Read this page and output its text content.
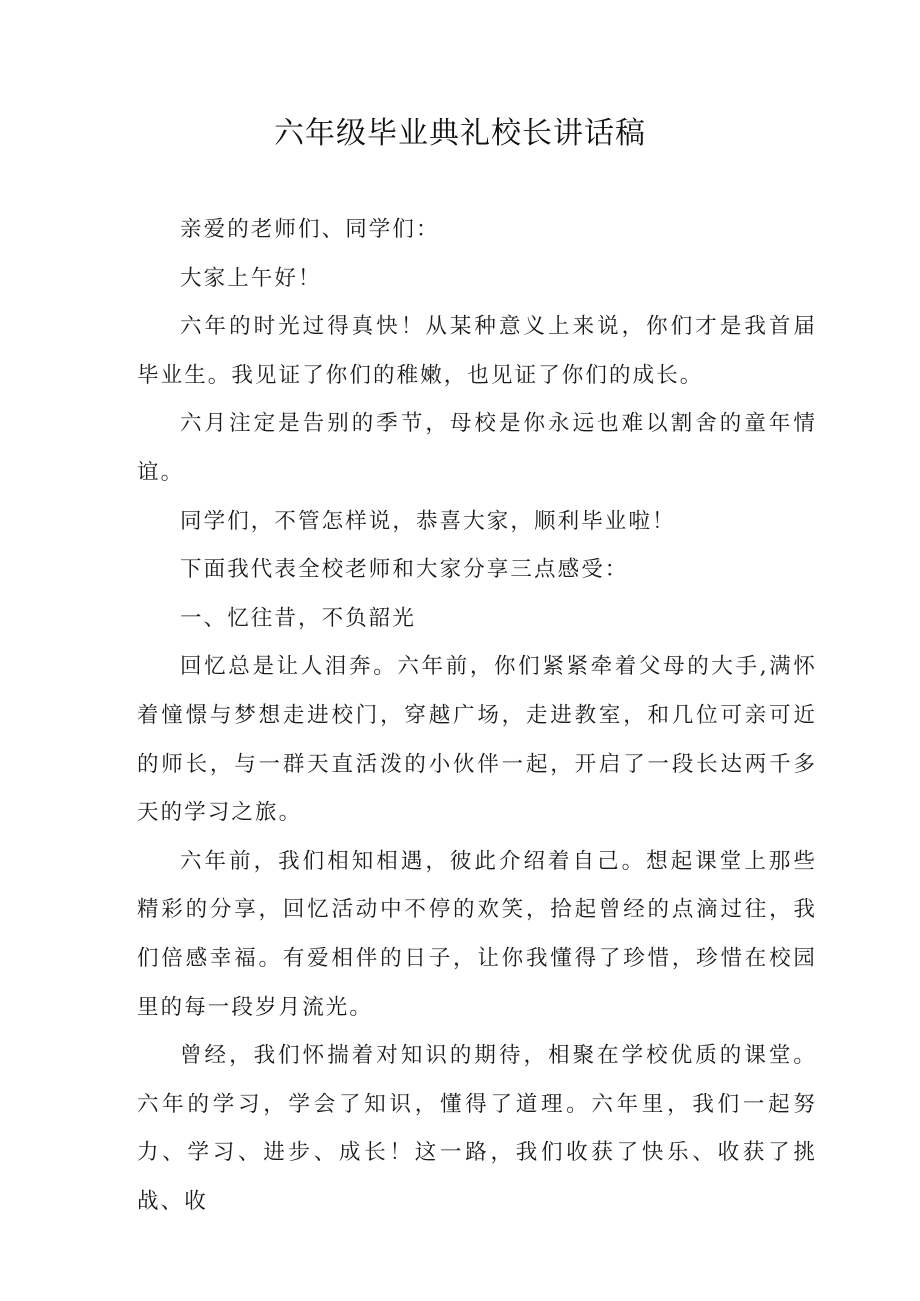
六年级毕业典礼校长讲话稿

亲爱的老师们、同学们：

大家上午好！

六年的时光过得真快！从某种意义上来说，你们才是我首届毕业生。我见证了你们的稚嫩，也见证了你们的成长。

六月注定是告别的季节，母校是你永远也难以割舍的童年情谊。

同学们，不管怎样说，恭喜大家，顺利毕业啦！

下面我代表全校老师和大家分享三点感受：

一、忆往昔，不负韶光

回忆总是让人泪奔。六年前，你们紧紧牵着父母的大手,满怀着憧憬与梦想走进校门，穿越广场，走进教室，和几位可亲可近的师长，与一群天直活泼的小伙伴一起，开启了一段长达两千多天的学习之旅。

六年前，我们相知相遇，彼此介绍着自己。想起课堂上那些精彩的分享，回忆活动中不停的欢笑，拾起曾经的点滴过往，我们倍感幸福。有爱相伴的日子，让你我懂得了珍惜，珍惜在校园里的每一段岁月流光。

曾经，我们怀揣着对知识的期待，相聚在学校优质的课堂。六年的学习，学会了知识，懂得了道理。六年里，我们一起努力、学习、进步、成长！这一路，我们收获了快乐、收获了挑战、收
